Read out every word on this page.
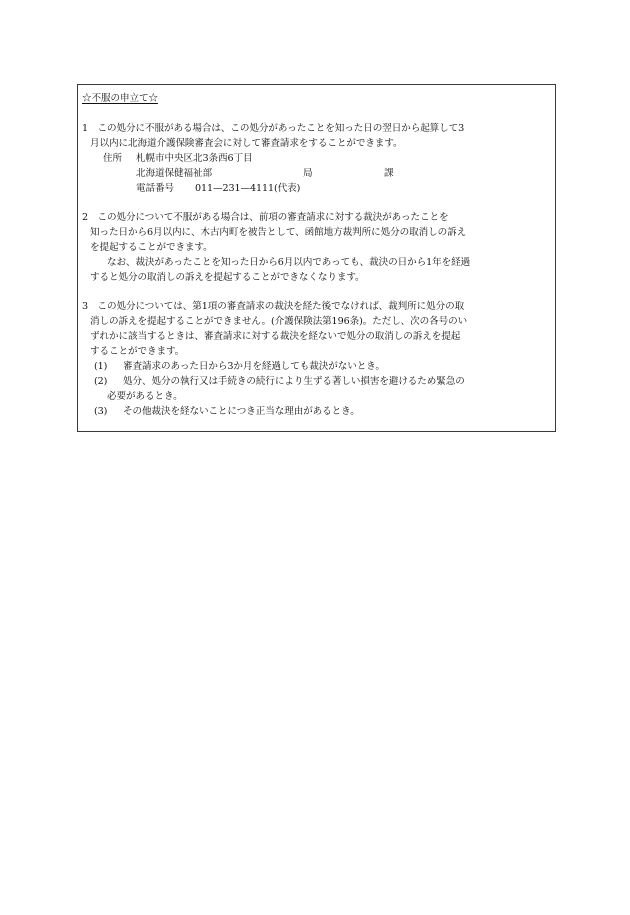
☆不服の申立て☆
1　この処分に不服がある場合は、この処分があったことを知った日の翌日から起算して3
月以内に北海道介護保険審査会に対して審査請求をすることができます。
住所 札幌市中央区北3条西6丁目
北海道保健福祉部	局	課
電話番号 011—231—4111(代表)
2　この処分について不服がある場合は、前項の審査請求に対する裁決があったことを
知った日から6月以内に、木古内町を被告として、函館地方裁判所に処分の取消しの訴え
を提起することができます。
なお、裁決があったことを知った日から6月以内であっても、裁決の日から1年を経過
すると処分の取消しの訴えを提起することができなくなります。
3　この処分については、第1項の審査請求の裁決を経た後でなければ、裁判所に処分の取
消しの訴えを提起することができません。(介護保険法第196条)。ただし、次の各号のい
ずれかに該当するときは、審査請求に対する裁決を経ないで処分の取消しの訴えを提起
することができます。
(1) 審査請求のあった日から3か月を経過しても裁決がないとき。
(2) 処分、処分の執行又は手続きの続行により生ずる著しい損害を避けるため緊急の
必要があるとき。
(3) その他裁決を経ないことにつき正当な理由があるとき。
